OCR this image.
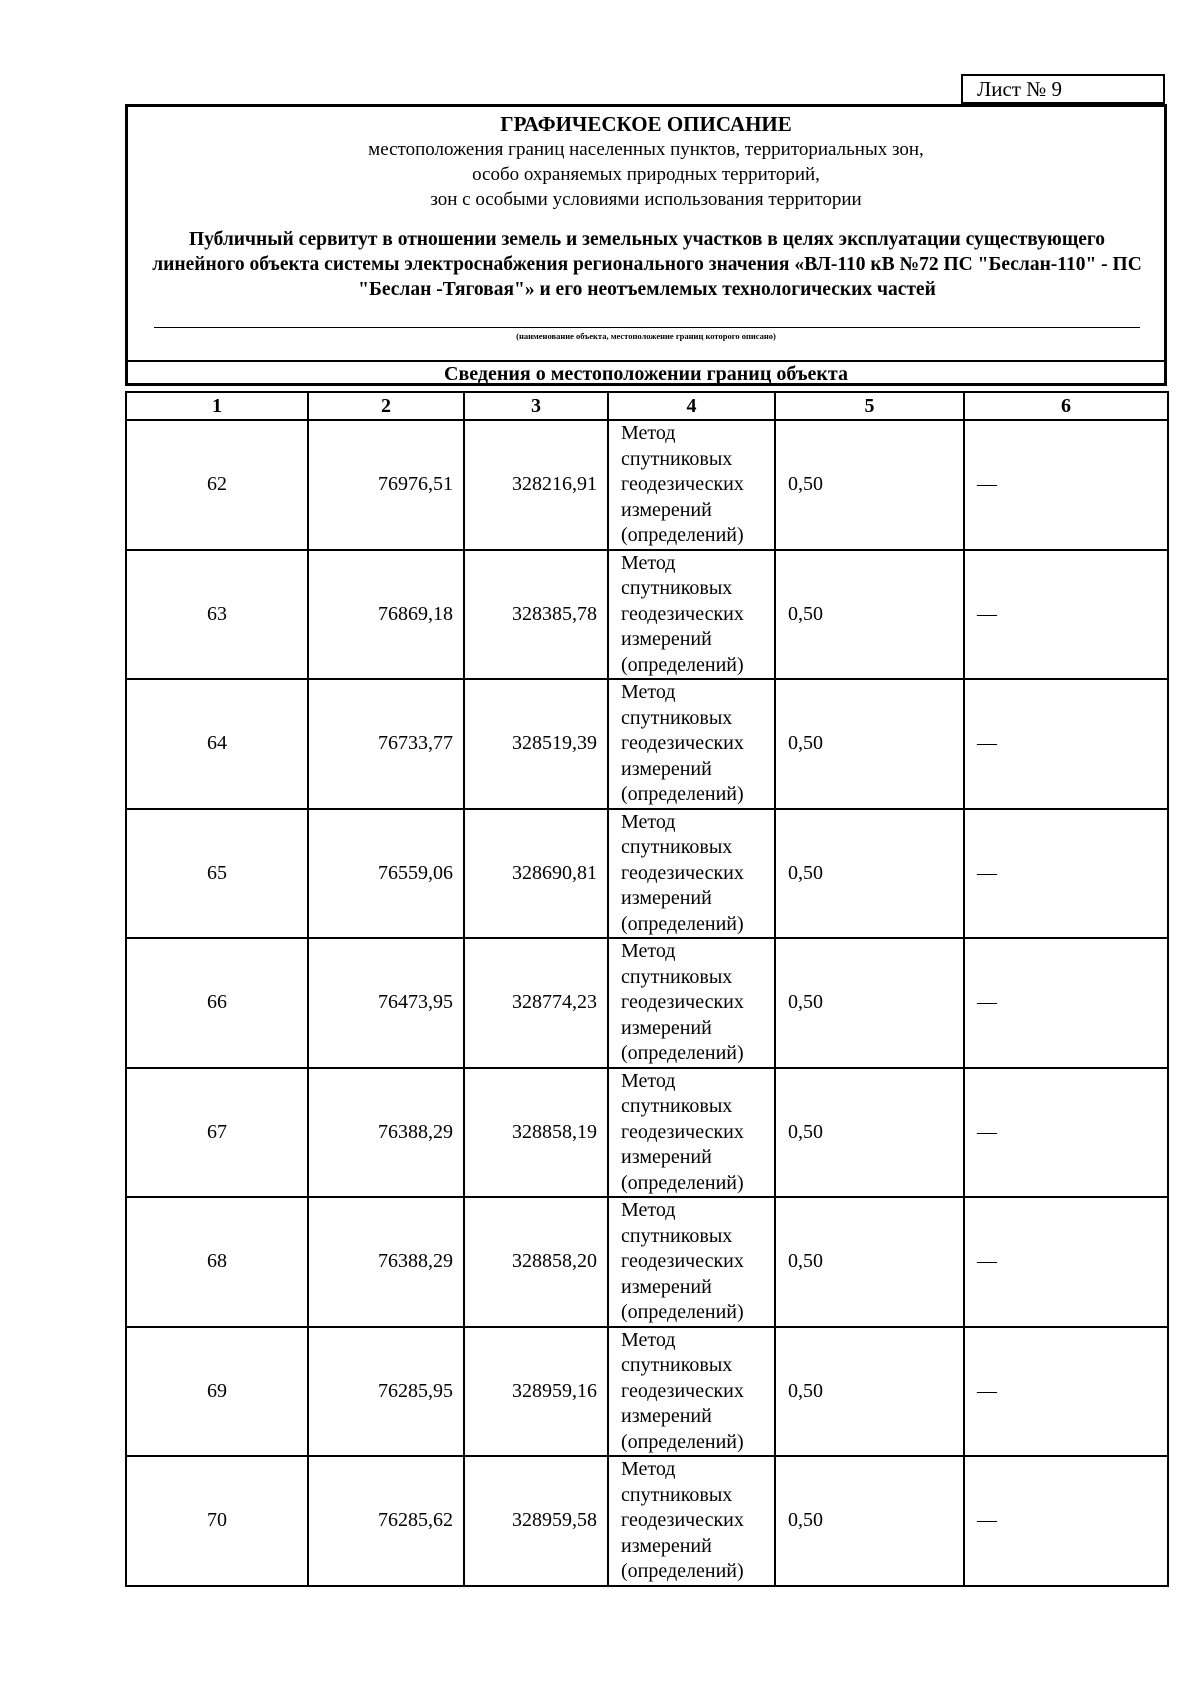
Лист № 9
ГРАФИЧЕСКОЕ ОПИСАНИЕ
местоположения границ населенных пунктов, территориальных зон,
особо охраняемых природных территорий,
зон с особыми условиями использования территории
Публичный сервитут в отношении земель и земельных участков в целях эксплуатации существующего линейного объекта системы электроснабжения регионального значения «ВЛ-110 кВ №72 ПС "Беслан-110" - ПС "Беслан -Тяговая"» и его неотъемлемых технологических частей
(наименование объекта, местоположение границ которого описано)
Сведения о местоположении границ объекта
1	2	3	4	5	6
62	76976,51	328216,91	Метод
спутниковых
геодезических
измерений
(определений)	0,50	—
63	76869,18	328385,78	Метод
спутниковых
геодезических
измерений
(определений)	0,50	—
64	76733,77	328519,39	Метод
спутниковых
геодезических
измерений
(определений)	0,50	—
65	76559,06	328690,81	Метод
спутниковых
геодезических
измерений
(определений)	0,50	—
66	76473,95	328774,23	Метод
спутниковых
геодезических
измерений
(определений)	0,50	—
67	76388,29	328858,19	Метод
спутниковых
геодезических
измерений
(определений)	0,50	—
68	76388,29	328858,20	Метод
спутниковых
геодезических
измерений
(определений)	0,50	—
69	76285,95	328959,16	Метод
спутниковых
геодезических
измерений
(определений)	0,50	—
70	76285,62	328959,58	Метод
спутниковых
геодезических
измерений
(определений)	0,50	—
